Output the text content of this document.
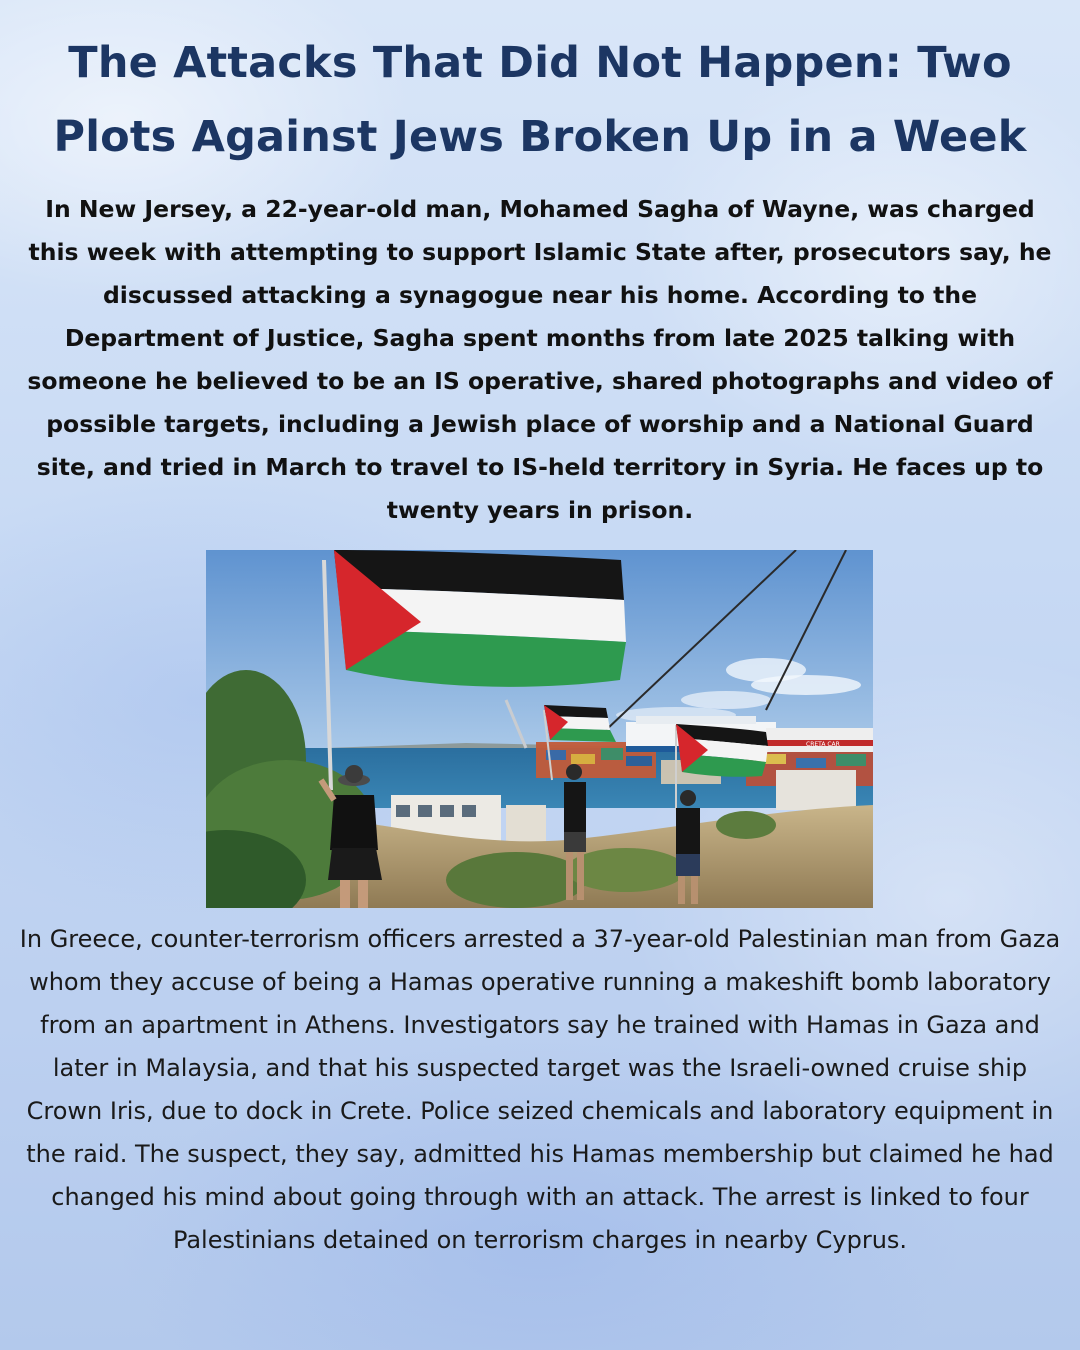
The Attacks That Did Not Happen: Two Plots Against Jews Broken Up in a Week

In New Jersey, a 22-year-old man, Mohamed Sagha of Wayne, was charged this week with attempting to support Islamic State after, prosecutors say, he discussed attacking a synagogue near his home. According to the Department of Justice, Sagha spent months from late 2025 talking with someone he believed to be an IS operative, shared photographs and video of possible targets, including a Jewish place of worship and a National Guard site, and tried in March to travel to IS-held territory in Syria. He faces up to twenty years in prison.

CRETA CAR

In Greece, counter-terrorism officers arrested a 37-year-old Palestinian man from Gaza whom they accuse of being a Hamas operative running a makeshift bomb laboratory from an apartment in Athens. Investigators say he trained with Hamas in Gaza and later in Malaysia, and that his suspected target was the Israeli-owned cruise ship Crown Iris, due to dock in Crete. Police seized chemicals and laboratory equipment in the raid. The suspect, they say, admitted his Hamas membership but claimed he had changed his mind about going through with an attack. The arrest is linked to four Palestinians detained on terrorism charges in nearby Cyprus.
